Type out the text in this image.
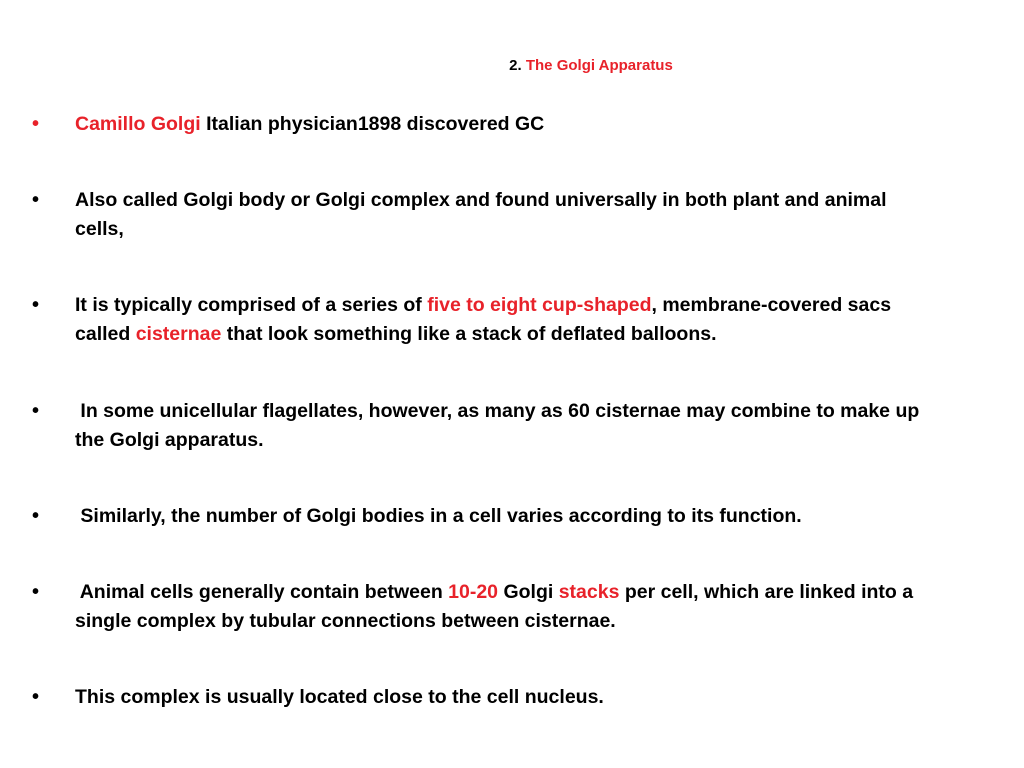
2. The Golgi Apparatus
• Camillo Golgi Italian physician1898 discovered GC
• Also called Golgi body or Golgi complex and found universally in both plant and animal
cells,
• It is typically comprised of a series of five to eight cup-shaped, membrane-covered sacs
called cisternae that look something like a stack of deflated balloons.
• In some unicellular flagellates, however, as many as 60 cisternae may combine to make up
the Golgi apparatus.
• Similarly, the number of Golgi bodies in a cell varies according to its function.
• Animal cells generally contain between 10-20 Golgi stacks per cell, which are linked into a
single complex by tubular connections between cisternae.
• This complex is usually located close to the cell nucleus.
